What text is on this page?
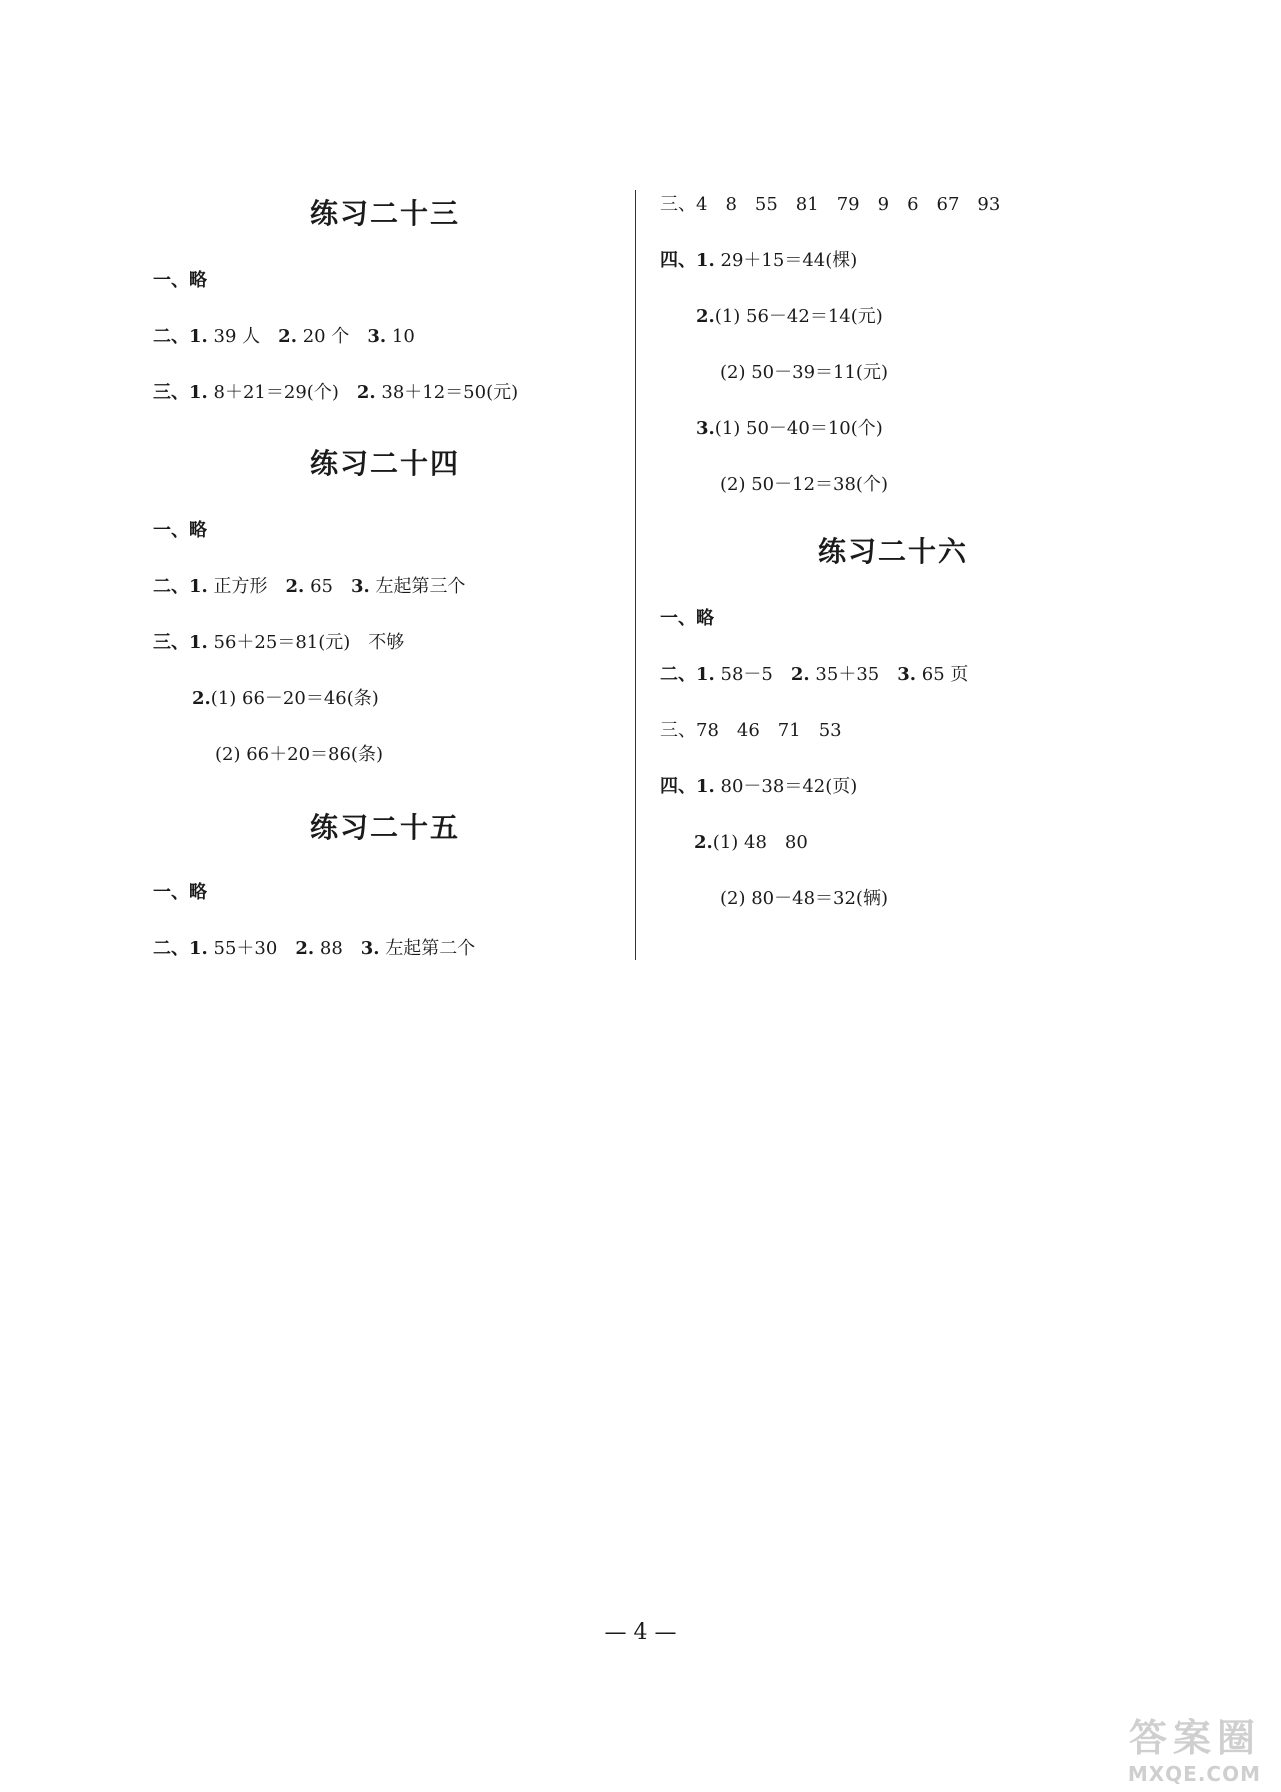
练习二十三
一、略
二、1. 39 人 2. 20 个 3. 10
三、1. 8＋21＝29(个) 2. 38＋12＝50(元)
练习二十四
一、略
二、1. 正方形 2. 65 3. 左起第三个
三、1. 56＋25＝81(元) 不够
2.(1) 66－20＝46(条)
(2) 66＋20＝86(条)
练习二十五
一、略
二、1. 55＋30 2. 88 3. 左起第二个
三、4　8　55　81　79　9　6　67　93
四、1. 29＋15＝44(棵)
2.(1) 56－42＝14(元)
(2) 50－39＝11(元)
3.(1) 50－40＝10(个)
(2) 50－12＝38(个)
练习二十六
一、略
二、1. 58－5 2. 35＋35 3. 65 页
三、78　46　71　53
四、1. 80－38＝42(页)
2.(1) 48　80
(2) 80－48＝32(辆)
— 4 —
答案圈
MXQE.COM
